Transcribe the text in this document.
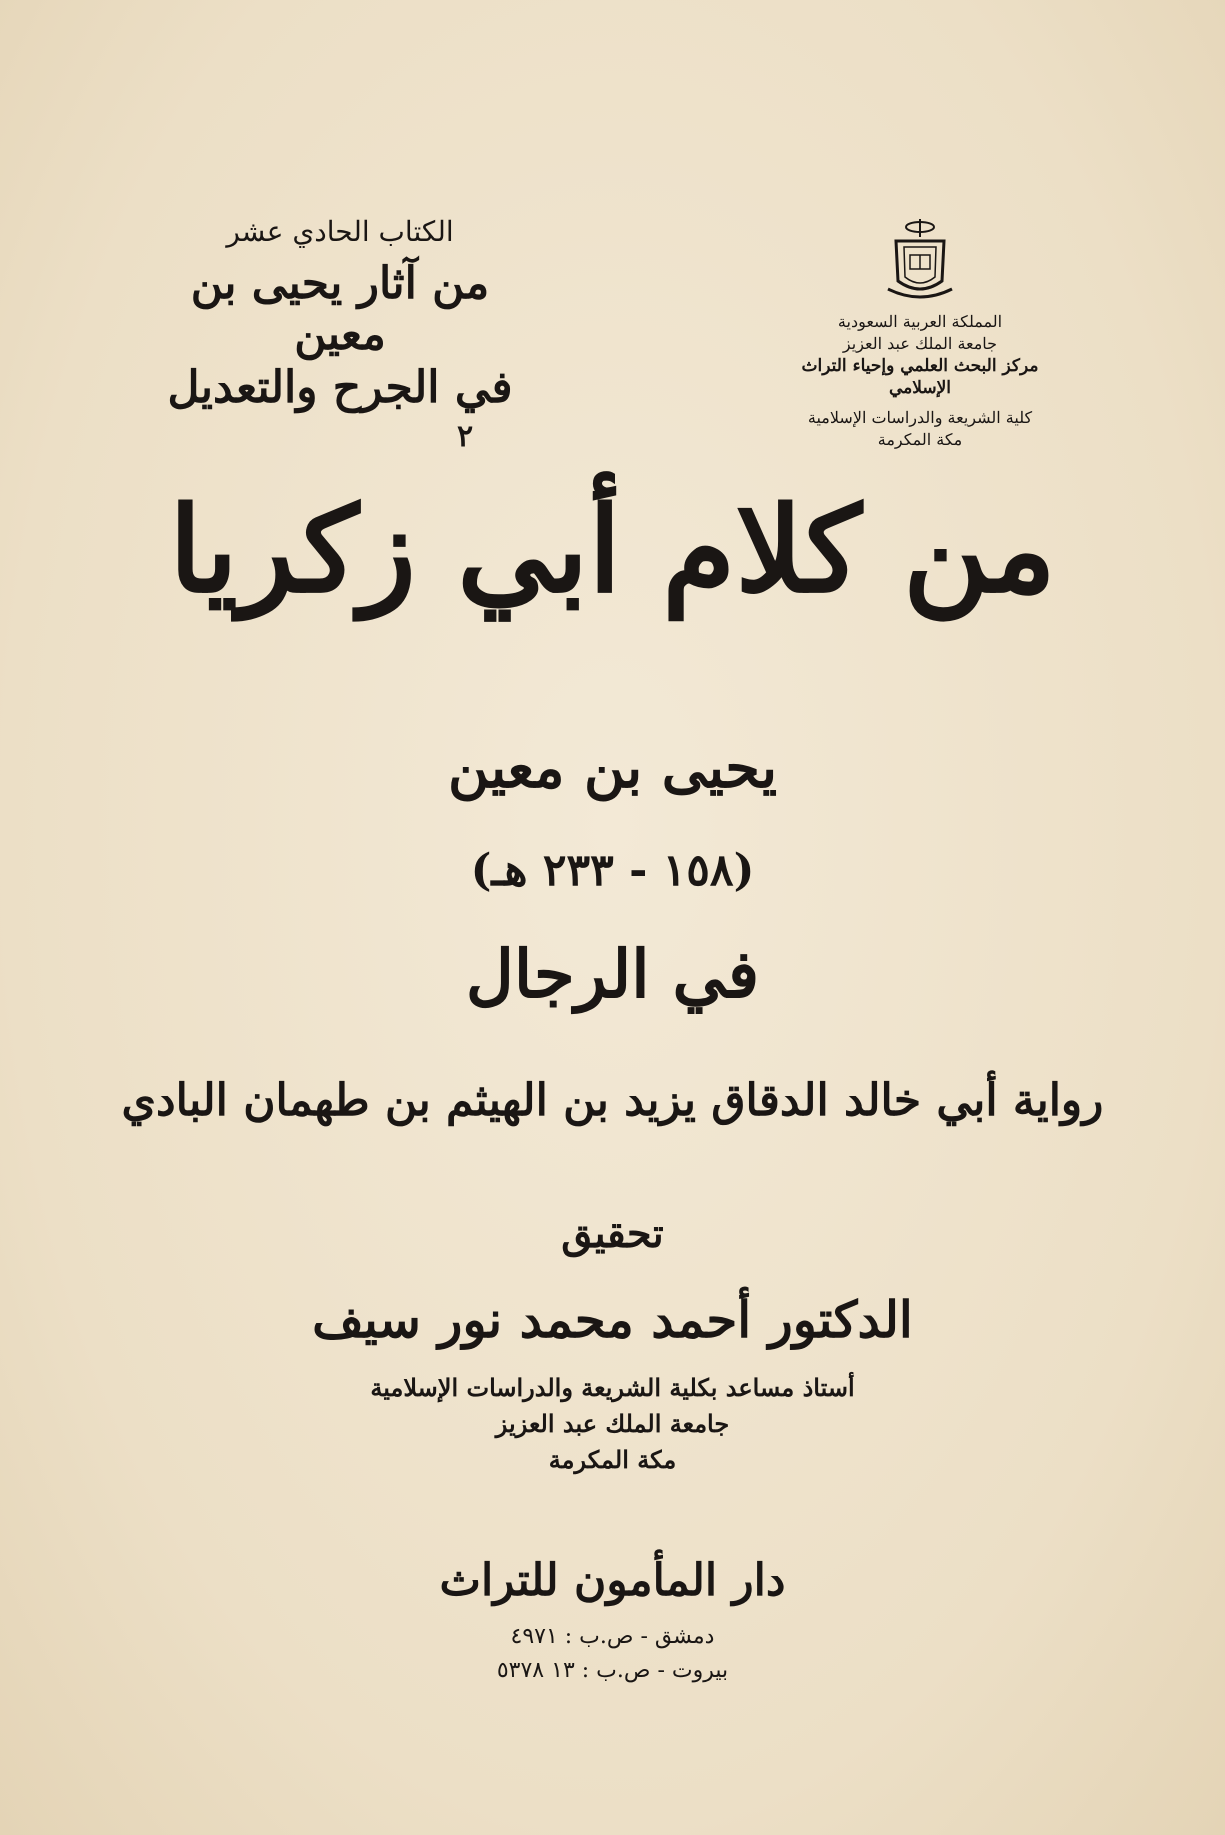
الكتاب الحادي عشر
من آثار يحيى بن معين
في الجرح والتعديل
٢
المملكة العربية السعودية
جامعة الملك عبد العزيز
مركز البحث العلمي وإحياء التراث الإسلامي
كلية الشريعة والدراسات الإسلامية
مكة المكرمة
من كلام أبي زكريا
يحيى بن معين
(١٥٨ - ٢٣٣ هـ)
في الرجال
رواية أبي خالد الدقاق يزيد بن الهيثم بن طهمان البادي
تحقيق
الدكتور أحمد محمد نور سيف
أستاذ مساعد بكلية الشريعة والدراسات الإسلامية
جامعة الملك عبد العزيز
مكة المكرمة
دار المأمون للتراث
دمشق - ص.ب : ٤٩٧١
بيروت - ص.ب : ١٣ ٥٣٧٨
